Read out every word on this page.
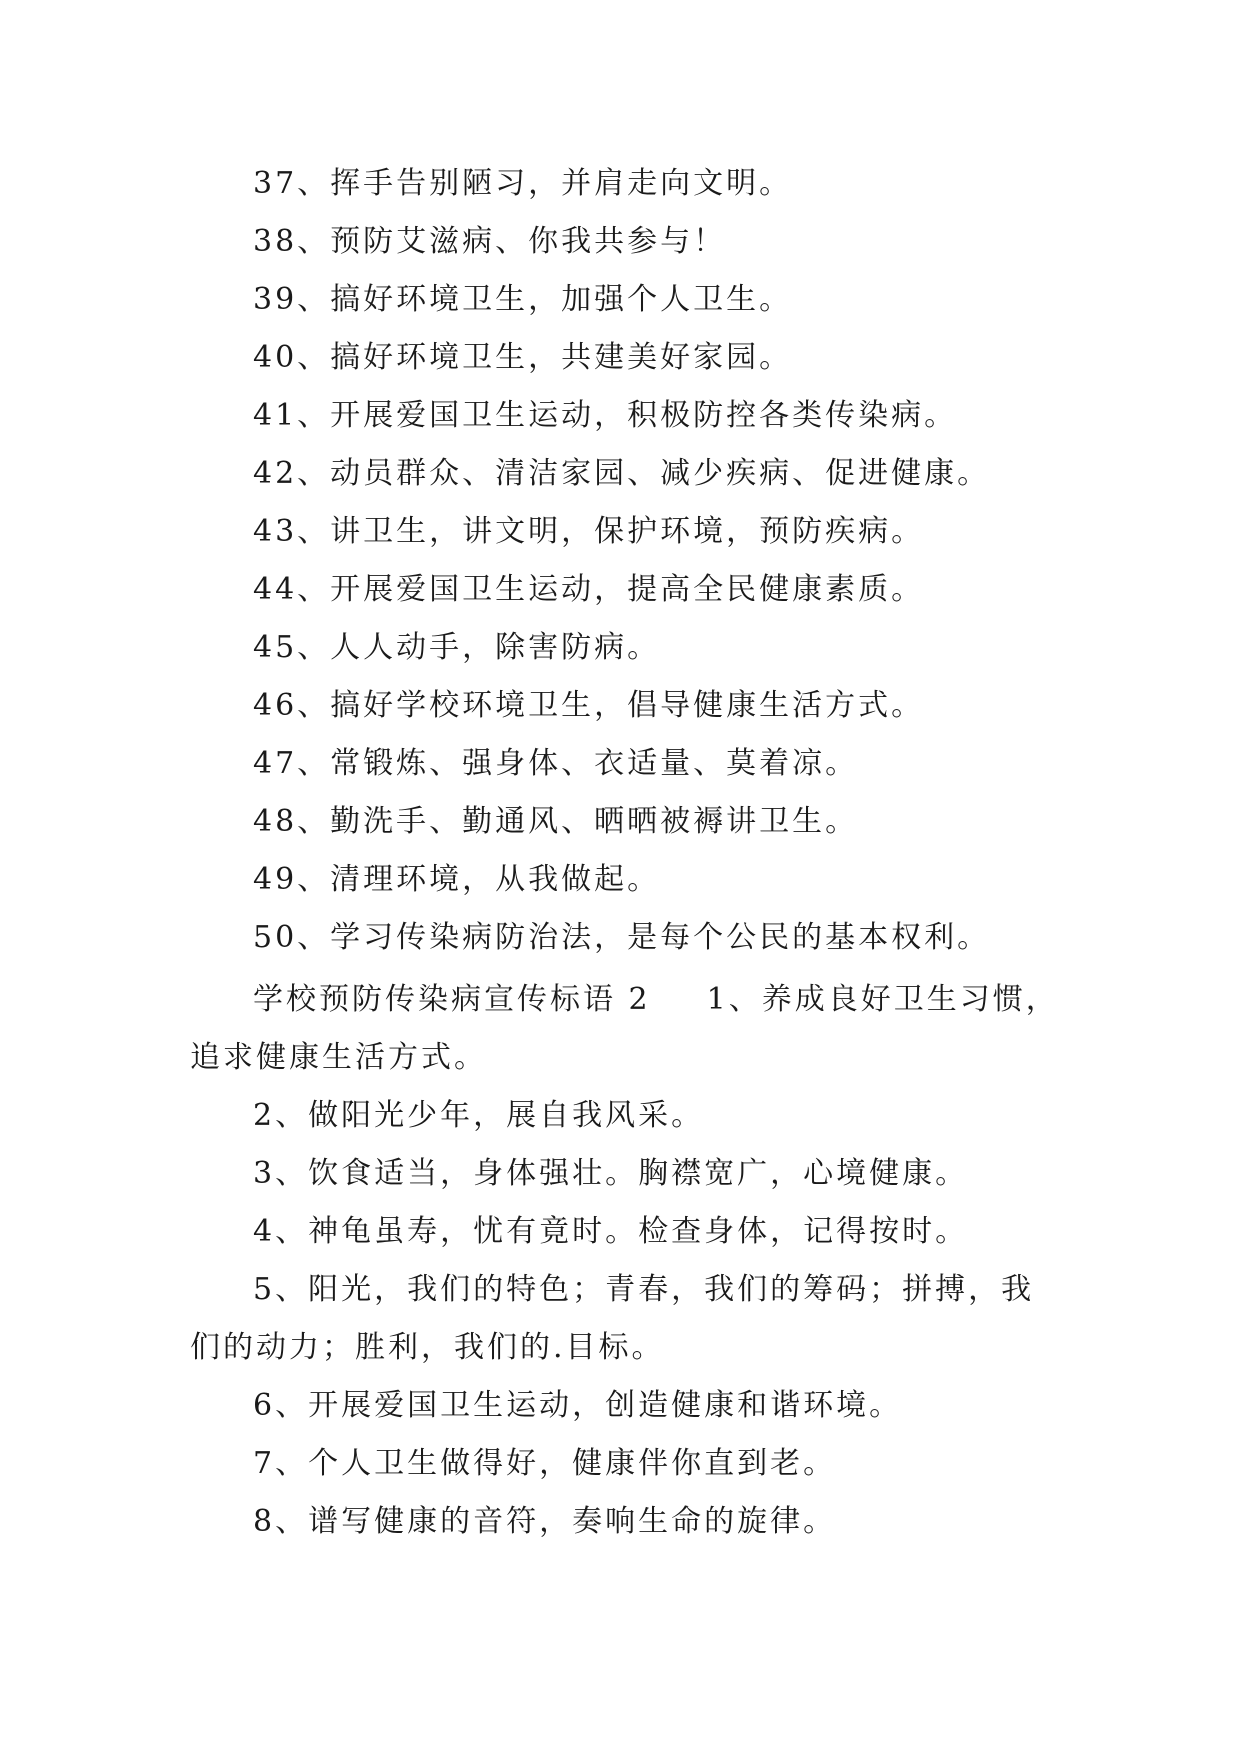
37、挥手告别陋习，并肩走向文明。
38、预防艾滋病、你我共参与！
39、搞好环境卫生，加强个人卫生。
40、搞好环境卫生，共建美好家园。
41、开展爱国卫生运动，积极防控各类传染病。
42、动员群众、清洁家园、减少疾病、促进健康。
43、讲卫生，讲文明，保护环境，预防疾病。
44、开展爱国卫生运动，提高全民健康素质。
45、人人动手，除害防病。
46、搞好学校环境卫生，倡导健康生活方式。
47、常锻炼、强身体、衣适量、莫着凉。
48、勤洗手、勤通风、晒晒被褥讲卫生。
49、清理环境，从我做起。
50、学习传染病防治法，是每个公民的基本权利。
学校预防传染病宣传标语 2 1、养成良好卫生习惯，
追求健康生活方式。
2、做阳光少年，展自我风采。
3、饮食适当，身体强壮。胸襟宽广，心境健康。
4、神龟虽寿，忧有竟时。检查身体，记得按时。
5、阳光，我们的特色；青春，我们的筹码；拼搏，我
们的动力；胜利，我们的.目标。
6、开展爱国卫生运动，创造健康和谐环境。
7、个人卫生做得好，健康伴你直到老。
8、谱写健康的音符，奏响生命的旋律。
